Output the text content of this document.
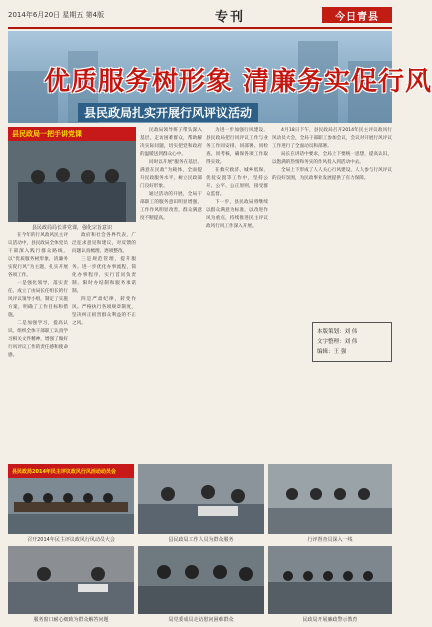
2014年6月20日 星期五 第4版	专刊	今日青县
优质服务树形象 清廉务实促行风
县民政局扎实开展行风评议活动
县民政局一把手讲党课
县民政局局长讲党课，强化宗旨意识

在今年的行风政风民主评议活动中，县民政局全体党员干部深入践行群众路线，以“优质服务树形象，清廉务实促行风”为主题，扎实开展各项工作。

一是强化领导，落实责任。成立了由局长任组长的行风评议领导小组，制定了实施方案，明确了工作目标和措施。

二是加强学习，提高认识。组织全体干部职工认真学习相关文件精神，增强了做好行风评议工作的责任感和使命感。

政府和社会各界代表，广泛征求意见和建议，对反馈的问题认真梳理、逐项整改。

三是规范管理，提升服务。进一步优化办事流程，简化办事程序，实行首问负责制、限时办结制和服务承诺制。

四是严肃纪律，转变作风。严格执行各项规章制度，坚决纠正损害群众利益的不正之风。

民政局领导班子带头深入基层，走访困难群众，帮助解决实际问题，切实把党和政府的温暖送到群众心中。

同时以开展“服务在基层、满意在民政”为载体，全面提升民政服务水平，树立民政部门良好形象。

通过活动的开展，全局干部职工的服务意识明显增强，工作作风明显改善，群众满意度不断提高。

为进一步加强行风建设，县民政局把行风评议工作与业务工作同安排、同部署、同检查、同考核，确保各项工作取得实效。

在救灾救济、城乡低保、优抚安置等工作中，坚持公开、公平、公正原则，接受群众监督。

下一步，县民政局将继续以群众满意为标准，以改进作风为重点，持续推进民主评议政风行风工作深入开展。

4月18日下午，县民政局召开2014年民主评议政风行风动员大会，全局干部职工参加会议，会议对开展行风评议工作进行了全面动员和部署。

局长在讲话中要求，全局上下要统一思想，提高认识，以饱满的热情和务实的作风投入到活动中去。

全局上下形成了人人关心行风建设、人人参与行风评议的良好氛围，为民政事业发展提供了有力保障。

本版策划：刘 伟
文字整理：刘 伟
编辑：王 强
县民政局2014年民主评议政风行风活动动员会
召开2014年民主评议政风行风动员大会	县民政局工作人员为群众服务	行评督查员深入一线
服务窗口耐心细致为群众解答问题	局党委成员走访慰问困难群众	民政局开展廉政警示教育
